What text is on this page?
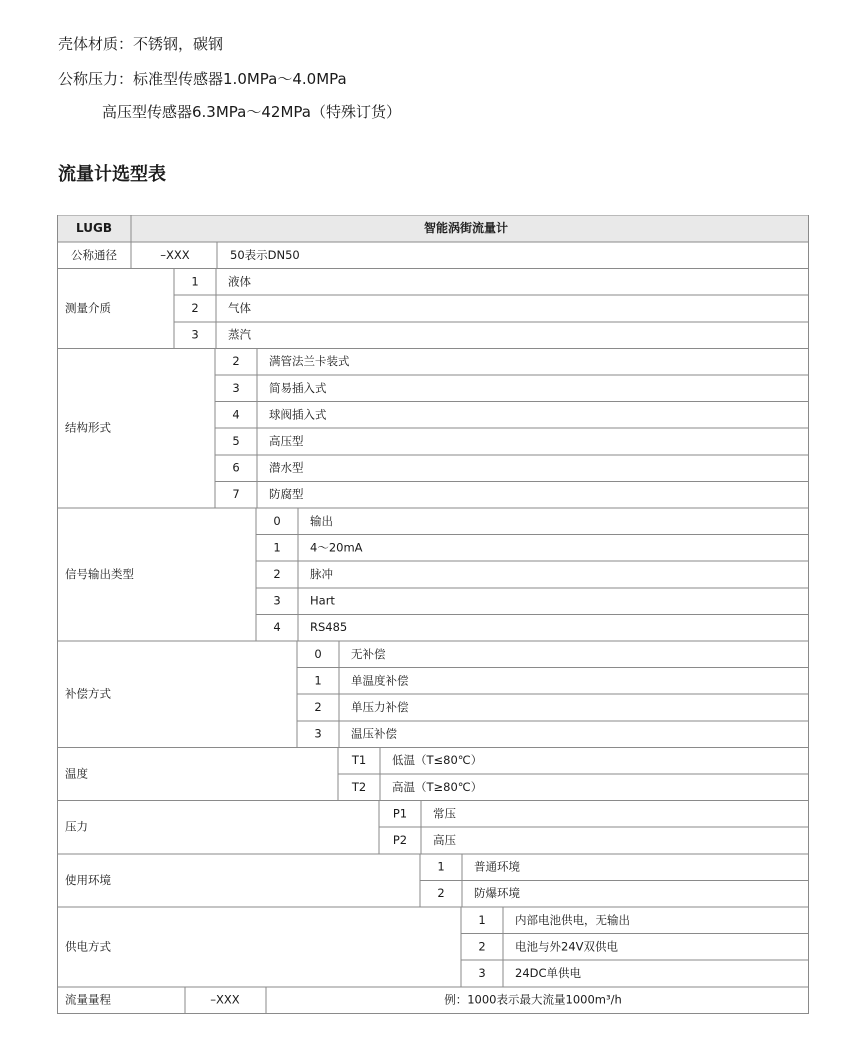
壳体材质：不锈钢，碳钢
公称压力：标准型传感器1.0MPa～4.0MPa
高压型传感器6.3MPa～42MPa（特殊订货）
流量计选型表
LUGB	智能涡街流量计
公称通径	–XXX	50表示DN50
测量介质
1	液体
2	气体
3	蒸汽
结构形式
2	满管法兰卡装式
3	简易插入式
4	球阀插入式
5	高压型
6	潜水型
7	防腐型
信号输出类型
0	输出
1	4～20mA
2	脉冲
3	Hart
4	RS485
补偿方式
0	无补偿
1	单温度补偿
2	单压力补偿
3	温压补偿
温度
T1 低温（T≤80℃）
T2 高温（T≥80℃）
压力
P1 常压
P2 高压
使用环境
1	普通环境
2	防爆环境
供电方式
1	内部电池供电，无输出
2	电池与外24V双供电
3	24DC单供电
流量量程	–XXX	例：1000表示最大流量1000m³/h
